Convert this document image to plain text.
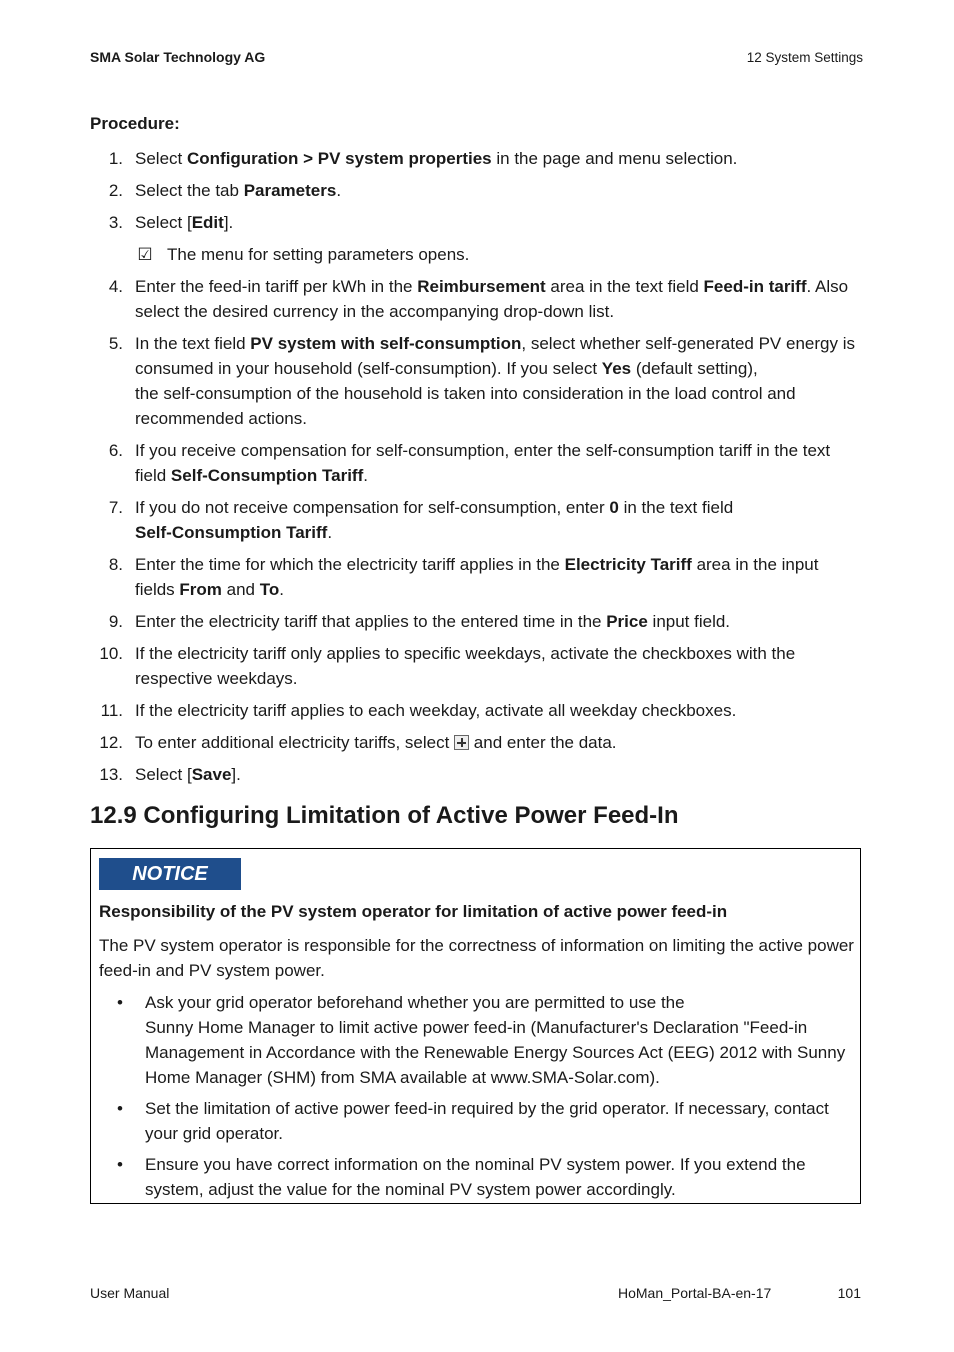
SMA Solar Technology AG	12 System Settings
Procedure:
1. Select Configuration > PV system properties in the page and menu selection.
2. Select the tab Parameters.
3. Select [Edit].
☑ The menu for setting parameters opens.
4. Enter the feed-in tariff per kWh in the Reimbursement area in the text field Feed-in tariff. Also select the desired currency in the accompanying drop-down list.
5. In the text field PV system with self-consumption, select whether self-generated PV energy is consumed in your household (self-consumption). If you select Yes (default setting),
the self-consumption of the household is taken into consideration in the load control and recommended actions.
6. If you receive compensation for self-consumption, enter the self-consumption tariff in the text field Self-Consumption Tariff.
7. If you do not receive compensation for self-consumption, enter 0 in the text field
Self-Consumption Tariff.
8. Enter the time for which the electricity tariff applies in the Electricity Tariff area in the input fields From and To.
9. Enter the electricity tariff that applies to the entered time in the Price input field.
10. If the electricity tariff only applies to specific weekdays, activate the checkboxes with the respective weekdays.
11. If the electricity tariff applies to each weekday, activate all weekday checkboxes.
12. To enter additional electricity tariffs, select  and enter the data.
13. Select [Save].
12.9 Configuring Limitation of Active Power Feed-In
NOTICE
Responsibility of the PV system operator for limitation of active power feed-in

The PV system operator is responsible for the correctness of information on limiting the active power feed-in and PV system power.

• Ask your grid operator beforehand whether you are permitted to use the
Sunny Home Manager to limit active power feed-in (Manufacturer's Declaration "Feed-in Management in Accordance with the Renewable Energy Sources Act (EEG) 2012 with Sunny Home Manager (SHM) from SMA available at www.SMA-Solar.com).
• Set the limitation of active power feed-in required by the grid operator. If necessary, contact your grid operator.
• Ensure you have correct information on the nominal PV system power. If you extend the system, adjust the value for the nominal PV system power accordingly.
User Manual	HoMan_Portal-BA-en-17	101
